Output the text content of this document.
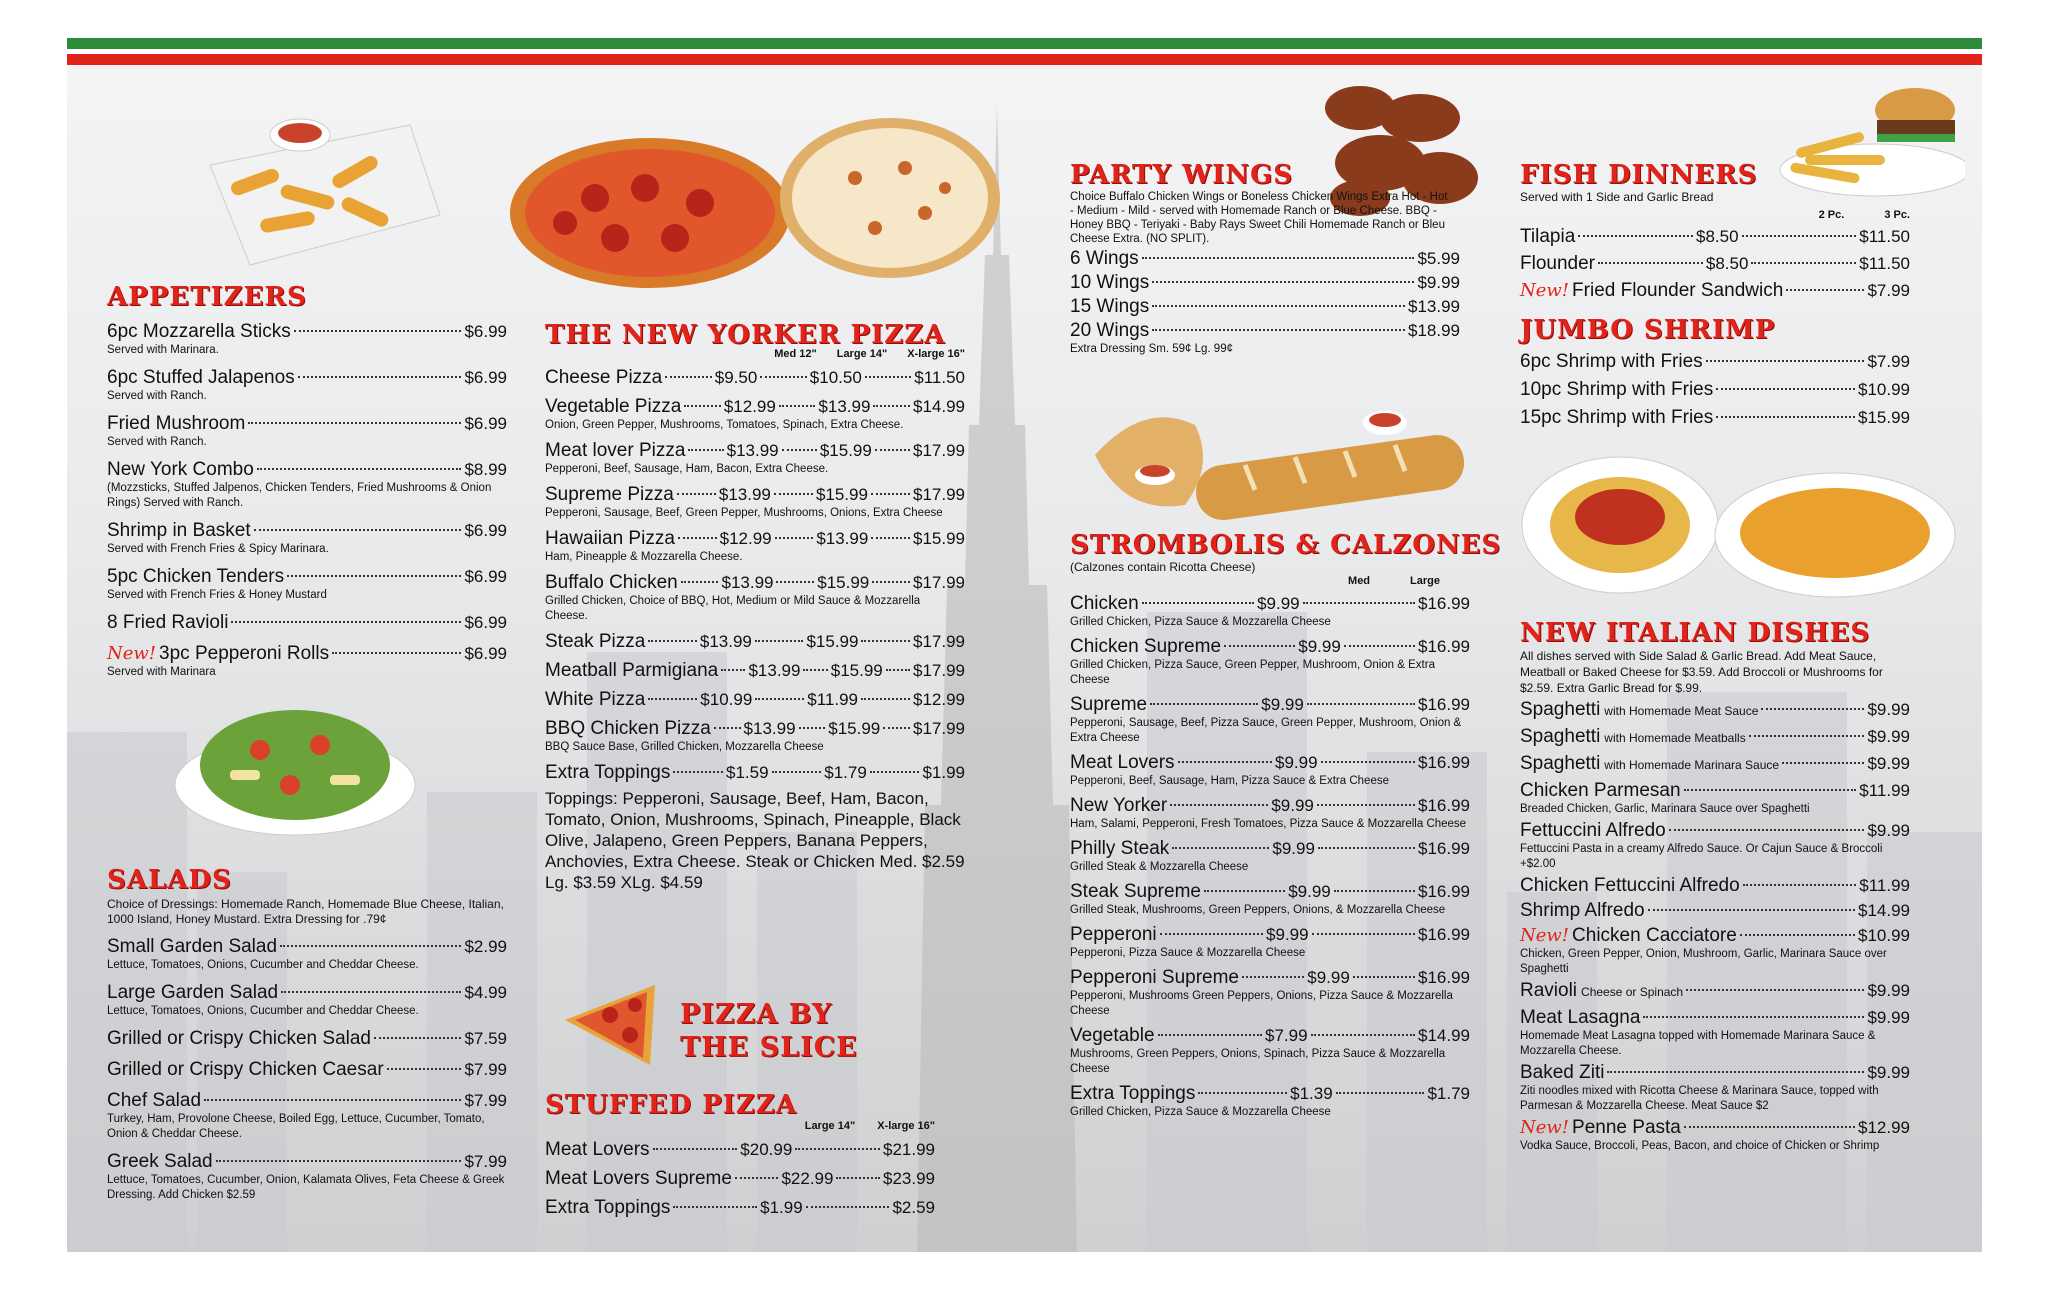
APPETIZERS
6pc Mozzarella Sticks	$6.99
Served with Marinara.
6pc Stuffed Jalapenos	$6.99
Served with Ranch.
Fried Mushroom	$6.99
Served with Ranch.
New York Combo	$8.99
(Mozzsticks, Stuffed Jalpenos, Chicken Tenders, Fried Mushrooms & Onion Rings) Served with Ranch.
Shrimp in Basket	$6.99
Served with French Fries & Spicy Marinara.
5pc Chicken Tenders	$6.99
Served with French Fries & Honey Mustard
8 Fried Ravioli	$6.99
New! 3pc Pepperoni Rolls	$6.99
Served with Marinara
SALADS
Choice of Dressings: Homemade Ranch, Homemade Blue Cheese, Italian, 1000 Island, Honey Mustard. Extra Dressing for .79¢
Small Garden Salad	$2.99
Lettuce, Tomatoes, Onions, Cucumber and Cheddar Cheese.
Large Garden Salad	$4.99
Lettuce, Tomatoes, Onions, Cucumber and Cheddar Cheese.
Grilled or Crispy Chicken Salad	$7.59
Grilled or Crispy Chicken Caesar	$7.99
Chef Salad	$7.99
Turkey, Ham, Provolone Cheese, Boiled Egg, Lettuce, Cucumber, Tomato, Onion & Cheddar Cheese.
Greek Salad	$7.99
Lettuce, Tomatoes, Cucumber, Onion, Kalamata Olives, Feta Cheese & Greek Dressing. Add Chicken $2.59
THE NEW YORKER PIZZA
Med 12" Large 14" X-large 16"
Cheese Pizza	$9.50	$10.50	$11.50
Vegetable Pizza	$12.99	$13.99	$14.99
Onion, Green Pepper, Mushrooms, Tomatoes, Spinach, Extra Cheese.
Meat lover Pizza $13.99 $15.99 $17.99
Pepperoni, Beef, Sausage, Ham, Bacon, Extra Cheese.
Supreme Pizza	$13.99	$15.99	$17.99
Pepperoni, Sausage, Beef, Green Pepper, Mushrooms, Onions, Extra Cheese
Hawaiian Pizza	$12.99	$13.99	$15.99
Ham, Pineapple & Mozzarella Cheese.
Buffalo Chicken	$13.99	$15.99	$17.99
Grilled Chicken, Choice of BBQ, Hot, Medium or Mild Sauce & Mozzarella Cheese.
Steak Pizza	$13.99	$15.99	$17.99
Meatball Parmigiana $13.99 $15.99 $17.99
White Pizza	$10.99	$11.99	$12.99
BBQ Chicken Pizza $13.99 $15.99 $17.99
BBQ Sauce Base, Grilled Chicken, Mozzarella Cheese
Extra Toppings	$1.59	$1.79	$1.99
Toppings: Pepperoni, Sausage, Beef, Ham, Bacon, Tomato, Onion, Mushrooms, Spinach, Pineapple, Black Olive, Jalapeno, Green Peppers, Banana Peppers, Anchovies, Extra Cheese. Steak or Chicken Med. $2.59 Lg. $3.59 XLg. $4.59
PIZZA BY
THE SLICE
STUFFED PIZZA
Large 14" X-large 16"
Meat Lovers	$20.99	$21.99
Meat Lovers Supreme	$22.99	$23.99
Extra Toppings	$1.99	$2.59
PARTY WINGS
Choice Buffalo Chicken Wings or Boneless Chicken Wings Extra Hot - Hot - Medium - Mild - served with Homemade Ranch or Blue Cheese. BBQ - Honey BBQ - Teriyaki - Baby Rays Sweet Chili Homemade Ranch or Bleu Cheese Extra. (NO SPLIT).
6 Wings	$5.99
10 Wings	$9.99
15 Wings	$13.99
20 Wings	$18.99
Extra Dressing Sm. 59¢ Lg. 99¢
STROMBOLIS & CALZONES
(Calzones contain Ricotta Cheese)
Med	Large
Chicken	$9.99	$16.99
Grilled Chicken, Pizza Sauce & Mozzarella Cheese
Chicken Supreme	$9.99	$16.99
Grilled Chicken, Pizza Sauce, Green Pepper, Mushroom, Onion & Extra Cheese
Supreme	$9.99	$16.99
Pepperoni, Sausage, Beef, Pizza Sauce, Green Pepper, Mushroom, Onion & Extra Cheese
Meat Lovers	$9.99	$16.99
Pepperoni, Beef, Sausage, Ham, Pizza Sauce & Extra Cheese
New Yorker	$9.99	$16.99
Ham, Salami, Pepperoni, Fresh Tomatoes, Pizza Sauce & Mozzarella Cheese
Philly Steak	$9.99	$16.99
Grilled Steak & Mozzarella Cheese
Steak Supreme	$9.99	$16.99
Grilled Steak, Mushrooms, Green Peppers, Onions, & Mozzarella Cheese
Pepperoni	$9.99	$16.99
Pepperoni, Pizza Sauce & Mozzarella Cheese
Pepperoni Supreme	$9.99	$16.99
Pepperoni, Mushrooms Green Peppers, Onions, Pizza Sauce & Mozzarella Cheese
Vegetable	$7.99	$14.99
Mushrooms, Green Peppers, Onions, Spinach, Pizza Sauce & Mozzarella Cheese
Extra Toppings	$1.39	$1.79
Grilled Chicken, Pizza Sauce & Mozzarella Cheese
FISH DINNERS
Served with 1 Side and Garlic Bread
2 Pc.	3 Pc.
Tilapia	$8.50	$11.50
Flounder	$8.50	$11.50
New! Fried Flounder Sandwich	$7.99
JUMBO SHRIMP
6pc Shrimp with Fries	$7.99
10pc Shrimp with Fries	$10.99
15pc Shrimp with Fries	$15.99
NEW ITALIAN DISHES
All dishes served with Side Salad & Garlic Bread. Add Meat Sauce, Meatball or Baked Cheese for $3.59. Add Broccoli or Mushrooms for $2.59. Extra Garlic Bread for $.99.
Spaghetti with Homemade Meat Sauce	$9.99
Spaghetti with Homemade Meatballs	$9.99
Spaghetti with Homemade Marinara Sauce	$9.99
Chicken Parmesan	$11.99
Breaded Chicken, Garlic, Marinara Sauce over Spaghetti
Fettuccini Alfredo	$9.99
Fettuccini Pasta in a creamy Alfredo Sauce. Or Cajun Sauce & Broccoli +$2.00
Chicken Fettuccini Alfredo	$11.99
Shrimp Alfredo	$14.99
New! Chicken Cacciatore	$10.99
Chicken, Green Pepper, Onion, Mushroom, Garlic, Marinara Sauce over Spaghetti
Ravioli Cheese or Spinach	$9.99
Meat Lasagna	$9.99
Homemade Meat Lasagna topped with Homemade Marinara Sauce & Mozzarella Cheese.
Baked Ziti	$9.99
Ziti noodles mixed with Ricotta Cheese & Marinara Sauce, topped with Parmesan & Mozzarella Cheese. Meat Sauce $2
New! Penne Pasta	$12.99
Vodka Sauce, Broccoli, Peas, Bacon, and choice of Chicken or Shrimp
